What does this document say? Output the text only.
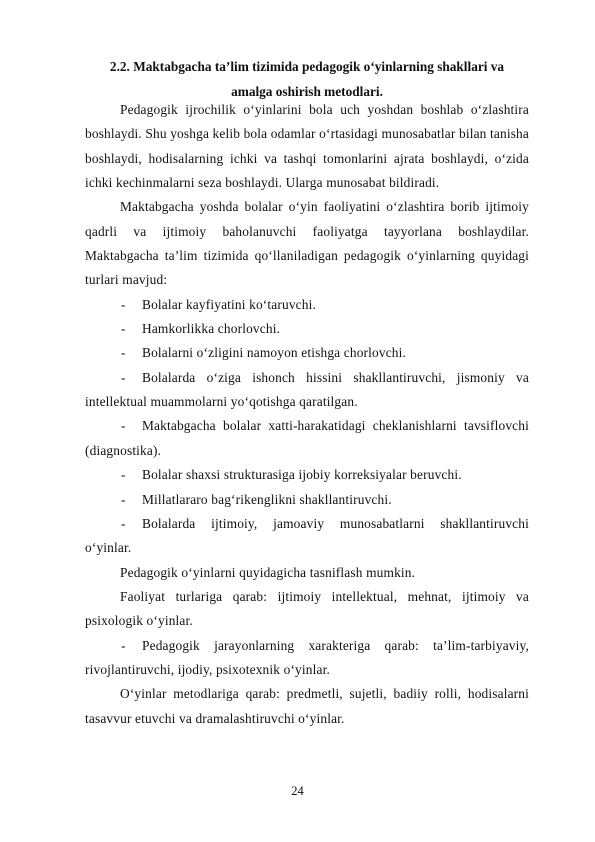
2.2. Maktabgacha ta’lim tizimida pedagogik o‘yinlarning shakllari va
amalga oshirish metodlari.
Pedagogik ijrochilik o‘yinlarini bola uch yoshdan boshlab o‘zlashtira boshlaydi. Shu yoshga kelib bola odamlar o‘rtasidagi munosabatlar bilan tanisha boshlaydi, hodisalarning ichki va tashqi tomonlarini ajrata boshlaydi, o‘zida ichki kechinmalarni seza boshlaydi. Ularga munosabat bildiradi.
Maktabgacha yoshda bolalar o‘yin faoliyatini o‘zlashtira borib ijtimoiy qadrli va ijtimoiy baholanuvchi faoliyatga tayyorlana boshlaydilar. Maktabgacha ta’lim tizimida qo‘llaniladigan pedagogik o‘yinlarning quyidagi turlari mavjud:
- Bolalar kayfiyatini ko‘taruvchi.
- Hamkorlikka chorlovchi.
- Bolalarni o‘zligini namoyon etishga chorlovchi.
- Bolalarda o‘ziga ishonch hissini shakllantiruvchi, jismoniy va intellektual muammolarni yo‘qotishga qaratilgan.
- Maktabgacha bolalar xatti-harakatidagi cheklanishlarni tavsiflovchi (diagnostika).
- Bolalar shaxsi strukturasiga ijobiy korreksiyalar beruvchi.
- Millatlararo bag‘rikenglikni shakllantiruvchi.
- Bolalarda ijtimoiy, jamoaviy munosabatlarni shakllantiruvchi o‘yinlar.
Pedagogik o‘yinlarni quyidagicha tasniflash mumkin.
Faoliyat turlariga qarab: ijtimoiy intellektual, mehnat, ijtimoiy va psixologik o‘yinlar.
- Pedagogik jarayonlarning xarakteriga qarab: ta’lim-tarbiyaviy, rivojlantiruvchi, ijodiy, psixotexnik o‘yinlar.
O‘yinlar metodlariga qarab: predmetli, sujetli, badiiy rolli, hodisalarni tasavvur etuvchi va dramalashtiruvchi o‘yinlar.
24
